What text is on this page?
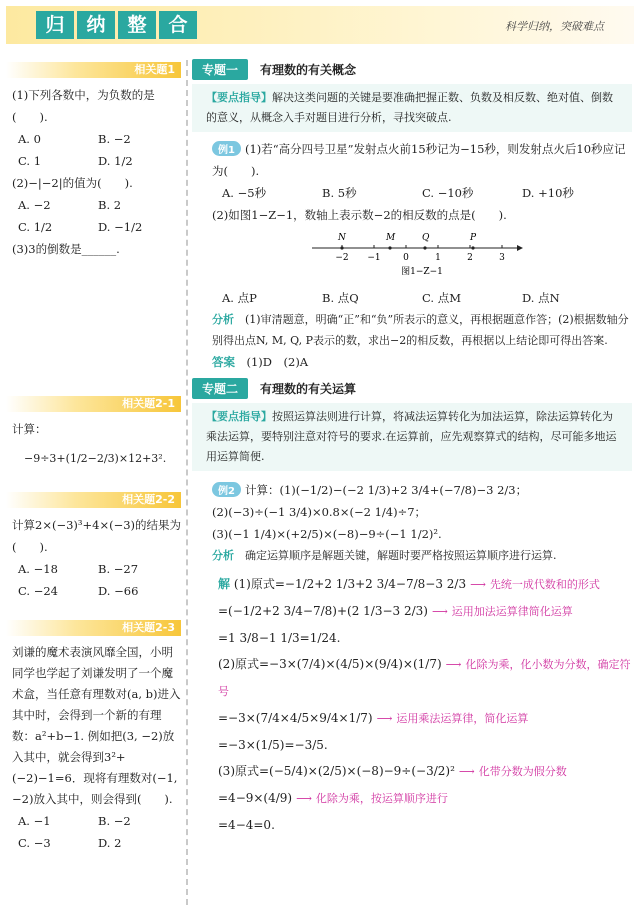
归	纳	整	合	科学归纳，突破难点
相关题1
(1)下列各数中，为负数的是(　　).
A. 0	B. −2
C. 1	D. 1/2
(2)−|−2|的值为(　　).
A. −2	B. 2
C. 1/2	D. −1/2
(3)3的倒数是______.
相关题2-1
计算：
−9÷3+(1/2−2/3)×12+3².
相关题2-2
计算2×(−3)³+4×(−3)的结果为(　　).
A. −18	B. −27
C. −24	D. −66
相关题2-3
刘谦的魔术表演风靡全国，小明同学也学起了刘谦发明了一个魔术盒，当任意有理数对(a, b)进入其中时，会得到一个新的有理数：a²+b−1. 例如把(3, −2)放入其中，就会得到3²+(−2)−1=6．现将有理数对(−1, −2)放入其中，则会得到(　　).
A. −1	B. −2
C. −3	D. 2
专题一	有理数的有关概念
【要点指导】解决这类问题的关键是要准确把握正数、负数及相反数、绝对值、倒数的意义，从概念入手对题目进行分析，寻找突破点.
例1 (1)若“高分四号卫星”发射点火前15秒记为−15秒，则发射点火后10秒应记为(　　).
A. −5秒	B. 5秒	C. −10秒	D. +10秒
(2)如图1−Z−1，数轴上表示数−2的相反数的点是(　　).
N	M	Q	P
−2 −1 0	1	2	3
图1−Z−1
A. 点P	B. 点Q	C. 点M	D. 点N
分析　 (1)审清题意，明确“正”和“负”所表示的意义，再根据题意作答；(2)根据数轴分别得出点N, M, Q, P表示的数，求出−2的相反数，再根据以上结论即可得出答案.
答案　 (1)D　(2)A
专题二	有理数的有关运算
【要点指导】按照运算法则进行计算，将减法运算转化为加法运算，除法运算转化为乘法运算，要特别注意对符号的要求.在运算前，应先观察算式的结构，尽可能多地运用运算简便.
例2 计算：(1)(−1/2)−(−2 1/3)+2 3/4+(−7/8)−3 2/3；
(2)(−3)÷(−1 3/4)×0.8×(−2 1/4)÷7；
(3)(−1 1/4)×(+2/5)×(−8)−9÷(−1 1/2)².
分析　 确定运算顺序是解题关键，解题时要严格按照运算顺序进行运算.
解 (1)原式=−1/2+2 1/3+2 3/4−7/8−3 2/3 ⟶ 先统一成代数和的形式
=(−1/2+2 3/4−7/8)+(2 1/3−3 2/3) ⟶ 运用加法运算律简化运算
=1 3/8−1 1/3=1/24.
(2)原式=−3×(7/4)×(4/5)×(9/4)×(1/7) ⟶ 化除为乘，化小数为分数，确定符号
=−3×(7/4×4/5×9/4×1/7) ⟶ 运用乘法运算律，简化运算
=−3×(1/5)=−3/5.
(3)原式=(−5/4)×(2/5)×(−8)−9÷(−3/2)² ⟶ 化带分数为假分数
=4−9×(4/9) ⟶ 化除为乘，按运算顺序进行
=4−4=0.
